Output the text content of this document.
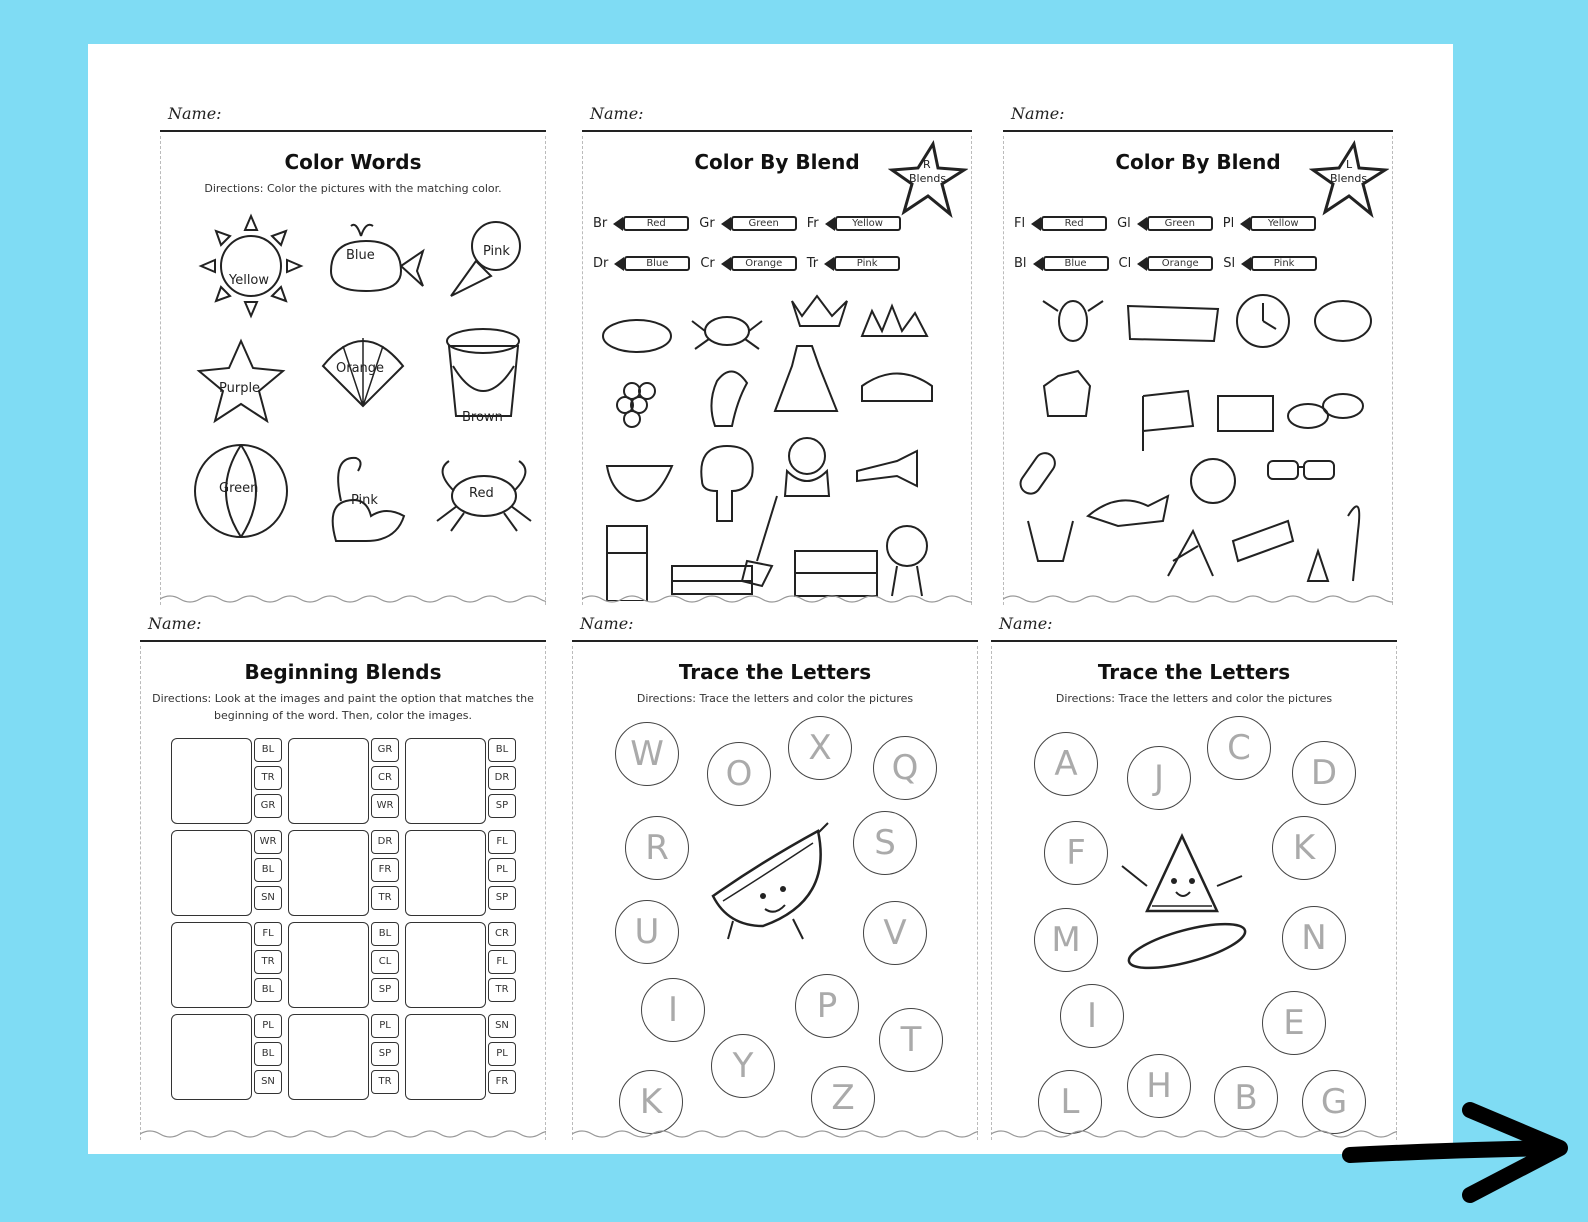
Name:
Color Words
Directions: Color the pictures with the matching color.
Yellow
Blue	Pink
Purple
Orange
Brown
Green
Pink	Red
Name:
Color By Blend	R
Blends
Br	Red	Gr	Green	Fr	Yellow
Dr	Blue	Cr	Orange	Tr	Pink
Name:
Color By Blend	L
Blends
Fl	Red	Gl	Green	Pl	Yellow
Bl	Blue	Cl	Orange	Sl	Pink
Name:
Beginning Blends
Directions: Look at the images and paint the option that matches the beginning of the word. Then, color the images.
BL
TR
GR
GR
CR
WR
BL
DR
SP
WR
BL
SN
DR
FR
TR
FL
PL
SP
FL
TR
BL
BL
CL
SP
CR
FL
TR
PL
BL
SN
PL
SP
TR
SN
PL
FR
Name:
Trace the Letters
Directions: Trace the letters and color the pictures
W	O
X	Q
R	S
U	V
I	P
T
Y
K	Z
Name:
Trace the Letters
Directions: Trace the letters and color the pictures
A	J
C
D
F	K
M	N
I	E
L	H	B	G
